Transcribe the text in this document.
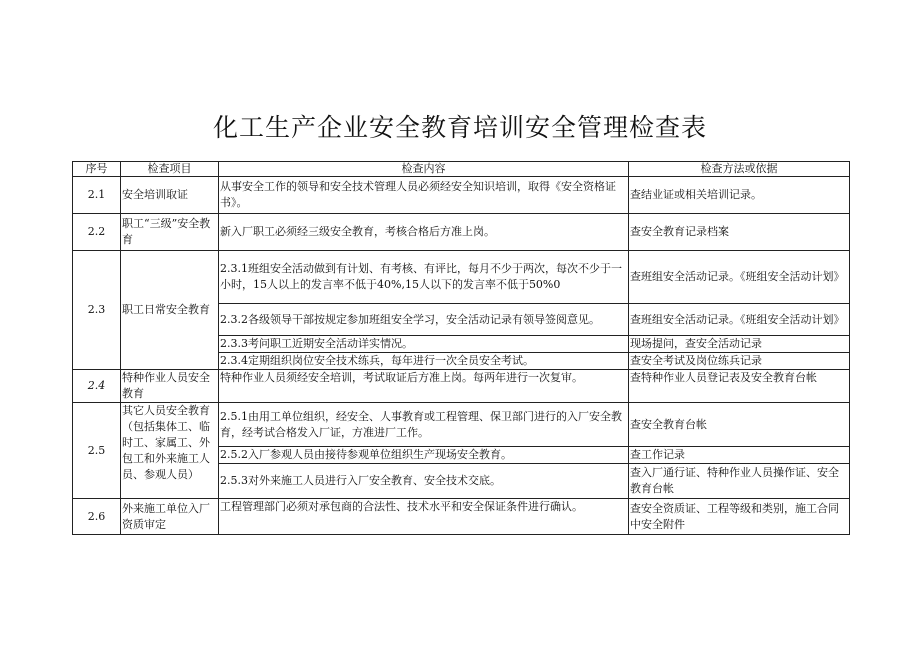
化工生产企业安全教育培训安全管理检查表
序号	检查项目	检查内容	检查方法或依据
2.1	安全培训取证	从事安全工作的领导和安全技术管理人员必须经安全知识培训，取得《安全资格证书》。	查结业证或相关培训记录。
2.2	职工“三级”安全教育	新入厂职工必须经三级安全教育，考核合格后方准上岗。	查安全教育记录档案
2.3	职工日常安全教育	2.3.1班组安全活动做到有计划、有考核、有评比，每月不少于两次，每次不少于一小时，15人以上的发言率不低于40%,15人以下的发言率不低于50%0	查班组安全活动记录。《班组安全活动计划》
		2.3.2各级领导干部按规定参加班组安全学习，安全活动记录有领导签阅意见。	查班组安全活动记录。《班组安全活动计划》
		2.3.3考问职工近期安全活动详实情况。	现场提问，查安全活动记录
		2.3.4定期组织岗位安全技术练兵，每年进行一次全员安全考试。	查安全考试及岗位练兵记录
2.4	特种作业人员安全教育	特种作业人员须经安全培训，考试取证后方准上岗。每两年进行一次复审。	查特种作业人员登记表及安全教育台帐
2.5	其它人员安全教育（包括集体工、临时工、家属工、外包工和外来施工人员、参观人员）	2.5.1由用工单位组织，经安全、人事教育或工程管理、保卫部门进行的入厂安全教育，经考试合格发入厂证，方准进厂工作。	查安全教育台帐
		2.5.2入厂参观人员由接待参观单位组织生产现场安全教育。	查工作记录
		2.5.3对外来施工人员进行入厂安全教育、安全技术交底。	查入厂通行证、特种作业人员操作证、安全教育台帐
2.6	外来施工单位入厂资质审定	工程管理部门必须对承包商的合法性、技术水平和安全保证条件进行确认。	查安全资质证、工程等级和类别，施工合同中安全附件
